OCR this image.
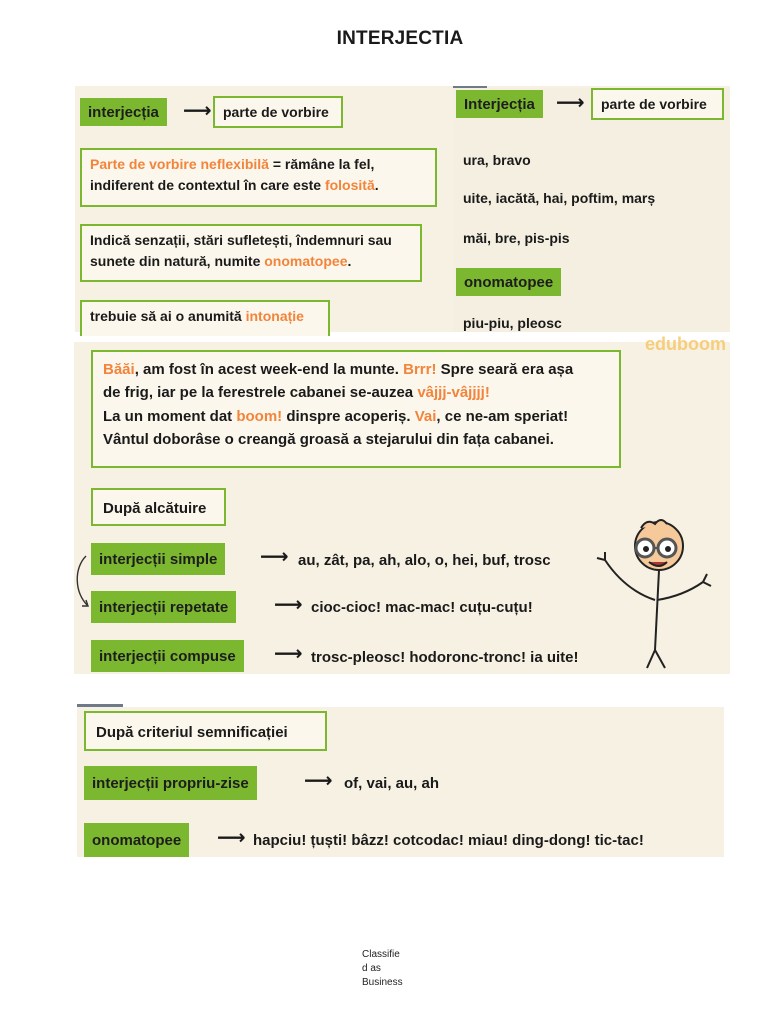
INTERJECTIA
interjecția	⟶ parte de vorbire
Parte de vorbire neflexibilă = rămâne la fel,
indiferent de contextul în care este folosită.
Indică senzații, stări sufletești, îndemnuri sau
sunete din natură, numite onomatopee.
trebuie să ai o anumită intonație
Interjecția	⟶	parte de vorbire
ura, bravo
uite, iacătă, hai, poftim, marș
măi, bre, pis-pis
onomatopee
piu-piu, pleosc
eduboom
Băăi, am fost în acest week-end la munte. Brrr! Spre seară era așa
de frig, iar pe la ferestrele cabanei se-auzea vâjjj-vâjjjj!
La un moment dat boom! dinspre acoperiș. Vai, ce ne-am speriat!
Vântul doborâse o creangă groasă a stejarului din fața cabanei.
După alcătuire
interjecții simple	⟶ au, zât, pa, ah, alo, o, hei, buf, trosc
interjecții repetate	⟶ cioc-cioc! mac-mac! cuțu-cuțu!
interjecții compuse	⟶ trosc-pleosc! hodoronc-tronc! ia uite!
După criteriul semnificației
interjecții propriu-zise	⟶ of, vai, au, ah
onomatopee	⟶ hapciu! țuști! bâzz! cotcodac! miau! ding-dong! tic-tac!
Classifie
d as
Business
